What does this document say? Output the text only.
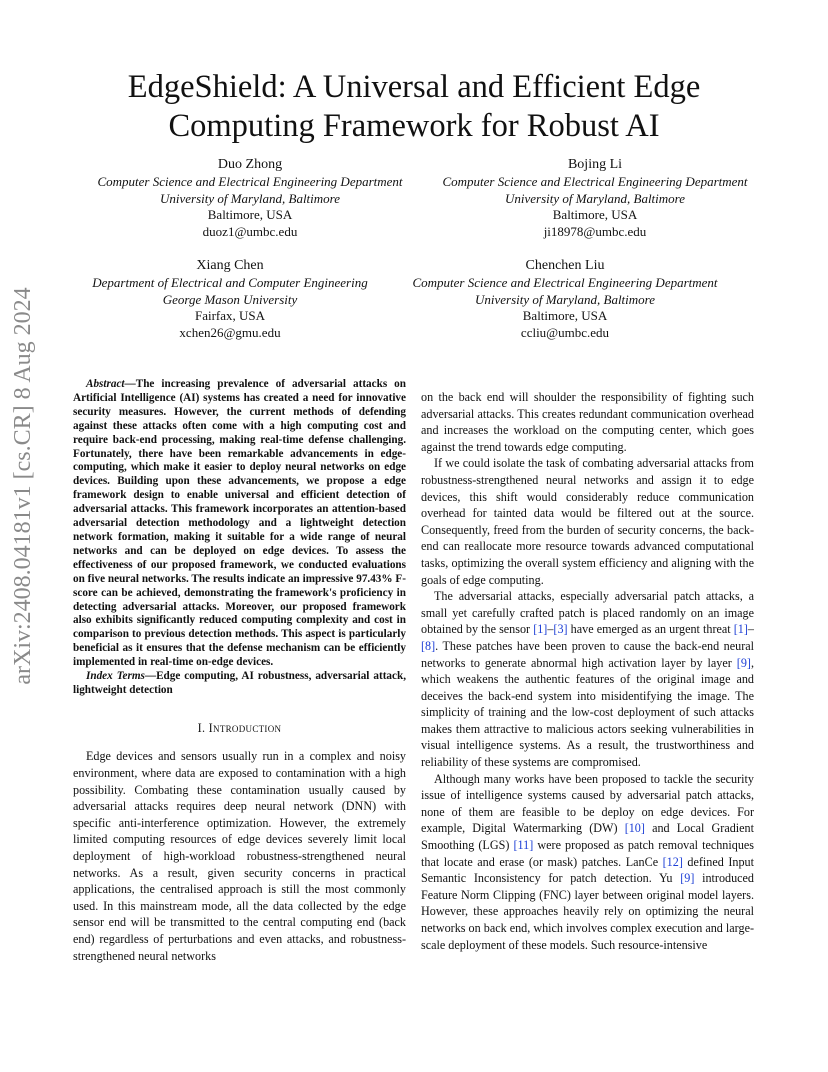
arXiv:2408.04181v1 [cs.CR] 8 Aug 2024
EdgeShield: A Universal and Efficient Edge Computing Framework for Robust AI
Duo Zhong
Computer Science and Electrical Engineering Department
University of Maryland, Baltimore
Baltimore, USA
duoz1@umbc.edu
Bojing Li
Computer Science and Electrical Engineering Department
University of Maryland, Baltimore
Baltimore, USA
ji18978@umbc.edu
Xiang Chen
Department of Electrical and Computer Engineering
George Mason University
Fairfax, USA
xchen26@gmu.edu
Chenchen Liu
Computer Science and Electrical Engineering Department
University of Maryland, Baltimore
Baltimore, USA
ccliu@umbc.edu

Abstract—The increasing prevalence of adversarial attacks on Artificial Intelligence (AI) systems has created a need for innovative security measures. However, the current methods of defending against these attacks often come with a high computing cost and require back-end processing, making real-time defense challenging. Fortunately, there have been remarkable advancements in edge-computing, which make it easier to deploy neural networks on edge devices. Building upon these advancements, we propose a edge framework design to enable universal and efficient detection of adversarial attacks. This framework incorporates an attention-based adversarial detection methodology and a lightweight detection network formation, making it suitable for a wide range of neural networks and can be deployed on edge devices. To assess the effectiveness of our proposed framework, we conducted evaluations on five neural networks. The results indicate an impressive 97.43% F-score can be achieved, demonstrating the framework's proficiency in detecting adversarial attacks. Moreover, our proposed framework also exhibits significantly reduced computing complexity and cost in comparison to previous detection methods. This aspect is particularly beneficial as it ensures that the defense mechanism can be efficiently implemented in real-time on-edge devices.

Index Terms—Edge computing, AI robustness, adversarial attack, lightweight detection

I. Introduction

Edge devices and sensors usually run in a complex and noisy environment, where data are exposed to contamination with a high possibility. Combating these contamination usually caused by adversarial attacks requires deep neural network (DNN) with specific anti-interference optimization. However, the extremely limited computing resources of edge devices severely limit local deployment of high-workload robustness-strengthened neural networks. As a result, given security concerns in practical applications, the centralised approach is still the most commonly used. In this mainstream mode, all the data collected by the edge sensor end will be transmitted to the central computing end (back end) regardless of perturbations and even attacks, and robustness-strengthened neural networks

on the back end will shoulder the responsibility of fighting such adversarial attacks. This creates redundant communication overhead and increases the workload on the computing center, which goes against the trend towards edge computing.

If we could isolate the task of combating adversarial attacks from robustness-strengthened neural networks and assign it to edge devices, this shift would considerably reduce communication overhead for tainted data would be filtered out at the source. Consequently, freed from the burden of security concerns, the back-end can reallocate more resource towards advanced computational tasks, optimizing the overall system efficiency and aligning with the goals of edge computing.

The adversarial attacks, especially adversarial patch attacks, a small yet carefully crafted patch is placed randomly on an image obtained by the sensor [1]–[3] have emerged as an urgent threat [1]–[8]. These patches have been proven to cause the back-end neural networks to generate abnormal high activation layer by layer [9], which weakens the authentic features of the original image and deceives the back-end system into misidentifying the image. The simplicity of training and the low-cost deployment of such attacks makes them attractive to malicious actors seeking vulnerabilities in visual intelligence systems. As a result, the trustworthiness and reliability of these systems are compromised.

Although many works have been proposed to tackle the security issue of intelligence systems caused by adversarial patch attacks, none of them are feasible to be deploy on edge devices. For example, Digital Watermarking (DW) [10] and Local Gradient Smoothing (LGS) [11] were proposed as patch removal techniques that locate and erase (or mask) patches. LanCe [12] defined Input Semantic Inconsistency for patch detection. Yu [9] introduced Feature Norm Clipping (FNC) layer between original model layers. However, these approaches heavily rely on optimizing the neural networks on back end, which involves complex execution and large-scale deployment of these models. Such resource-intensive
